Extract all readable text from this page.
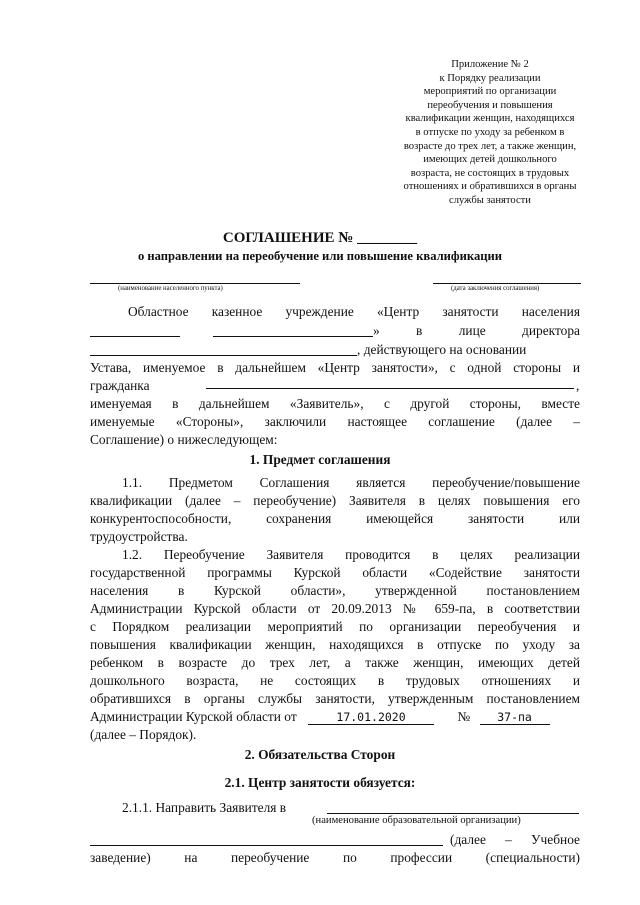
Приложение № 2
к Порядку реализации
мероприятий по организации
переобучения и повышения
квалификации женщин, находящихся
в отпуске по уходу за ребенком в
возрасте до трех лет, а также женщин,
имеющих детей дошкольного
возраста, не состоящих в трудовых
отношениях и обратившихся в органы
службы занятости
СОГЛАШЕНИЕ № ________
о направлении на переобучение или повышение квалификации
(наименование населенного пункта)	(дата заключения соглашения)
Областное казенное учреждение «Центр занятости населения
» в лице директора
, действующего на основании
Устава, именуемое в дальнейшем «Центр занятости», с одной стороны и
гражданка	,
именуемая в дальнейшем «Заявитель», с другой стороны, вместе
именуемые «Стороны», заключили настоящее соглашение (далее –
Соглашение) о нижеследующем:
1. Предмет соглашения
1.1. Предметом Соглашения является переобучение/повышение
квалификации (далее – переобучение) Заявителя в целях повышения его
конкурентоспособности, сохранения имеющейся занятости или
трудоустройства.
1.2. Переобучение Заявителя проводится в целях реализации
государственной программы Курской области «Содействие занятости
населения в Курской области», утвержденной постановлением
Администрации Курской области от 20.09.2013 № 659-па, в соответствии
с Порядком реализации мероприятий по организации переобучения и
повышения квалификации женщин, находящихся в отпуске по уходу за
ребенком в возрасте до трех лет, а также женщин, имеющих детей
дошкольного возраста, не состоящих в трудовых отношениях и
обратившихся в органы службы занятости, утвержденным постановлением
Администрации Курской области от	17.01.2020	№ 37-па
(далее – Порядок).
2. Обязательства Сторон
2.1. Центр занятости обязуется:
2.1.1. Направить Заявителя в
(наименование образовательной организации)
(далее – Учебное
заведение) на переобучение по профессии (специальности)
